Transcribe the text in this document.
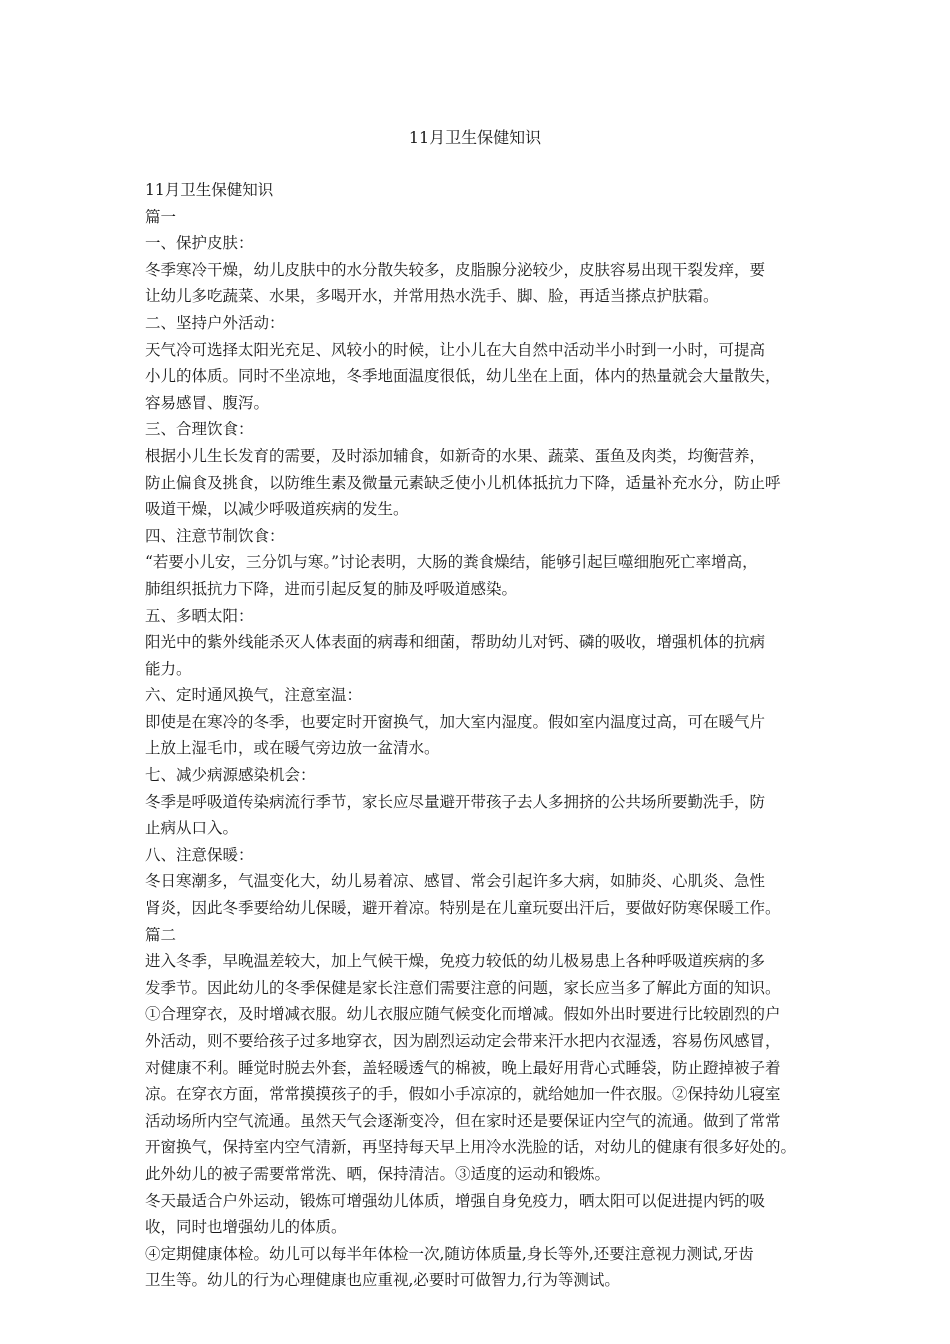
11月卫生保健知识

11月卫生保健知识

篇一

一、保护皮肤：

冬季寒冷干燥，幼儿皮肤中的水分散失较多，皮脂腺分泌较少，皮肤容易出现干裂发痒，要

让幼儿多吃蔬菜、水果，多喝开水，并常用热水洗手、脚、脸，再适当搽点护肤霜。

二、坚持户外活动：

天气冷可选择太阳光充足、风较小的时候，让小儿在大自然中活动半小时到一小时，可提高

小儿的体质。同时不坐凉地，冬季地面温度很低，幼儿坐在上面，体内的热量就会大量散失，

容易感冒、腹泻。

三、合理饮食：

根据小儿生长发育的需要，及时添加辅食，如新奇的水果、蔬菜、蛋鱼及肉类，均衡营养，

防止偏食及挑食，以防维生素及微量元素缺乏使小儿机体抵抗力下降，适量补充水分，防止呼

吸道干燥，以减少呼吸道疾病的发生。

四、注意节制饮食：

“若要小儿安，三分饥与寒。”讨论表明，大肠的粪食燥结，能够引起巨噬细胞死亡率增高，

肺组织抵抗力下降，进而引起反复的肺及呼吸道感染。

五、多晒太阳：

阳光中的紫外线能杀灭人体表面的病毒和细菌，帮助幼儿对钙、磷的吸收，增强机体的抗病

能力。

六、定时通风换气，注意室温：

即使是在寒冷的冬季，也要定时开窗换气，加大室内湿度。假如室内温度过高，可在暖气片

上放上湿毛巾，或在暖气旁边放一盆清水。

七、减少病源感染机会：

冬季是呼吸道传染病流行季节，家长应尽量避开带孩子去人多拥挤的公共场所要勤洗手，防

止病从口入。

八、注意保暖：

冬日寒潮多，气温变化大，幼儿易着凉、感冒、常会引起许多大病，如肺炎、心肌炎、急性

肾炎，因此冬季要给幼儿保暖，避开着凉。特别是在儿童玩耍出汗后，要做好防寒保暖工作。

篇二

进入冬季，早晚温差较大，加上气候干燥，免疫力较低的幼儿极易患上各种呼吸道疾病的多

发季节。因此幼儿的冬季保健是家长注意们需要注意的问题，家长应当多了解此方面的知识。

①合理穿衣，及时增减衣服。幼儿衣服应随气候变化而增减。假如外出时要进行比较剧烈的户

外活动，则不要给孩子过多地穿衣，因为剧烈运动定会带来汗水把内衣湿透，容易伤风感冒，

对健康不利。睡觉时脱去外套，盖轻暖透气的棉被，晚上最好用背心式睡袋，防止蹬掉被子着

凉。在穿衣方面，常常摸摸孩子的手，假如小手凉凉的，就给她加一件衣服。②保持幼儿寝室

活动场所内空气流通。虽然天气会逐渐变冷，但在家时还是要保证内空气的流通。做到了常常

开窗换气，保持室内空气清新，再坚持每天早上用冷水洗脸的话，对幼儿的健康有很多好处的。

此外幼儿的被子需要常常洗、晒，保持清洁。③适度的运动和锻炼。

冬天最适合户外运动，锻炼可增强幼儿体质，增强自身免疫力，晒太阳可以促进提内钙的吸

收，同时也增强幼儿的体质。

④定期健康体检。幼儿可以每半年体检一次,随访体质量,身长等外,还要注意视力测试,牙齿

卫生等。幼儿的行为心理健康也应重视,必要时可做智力,行为等测试。
